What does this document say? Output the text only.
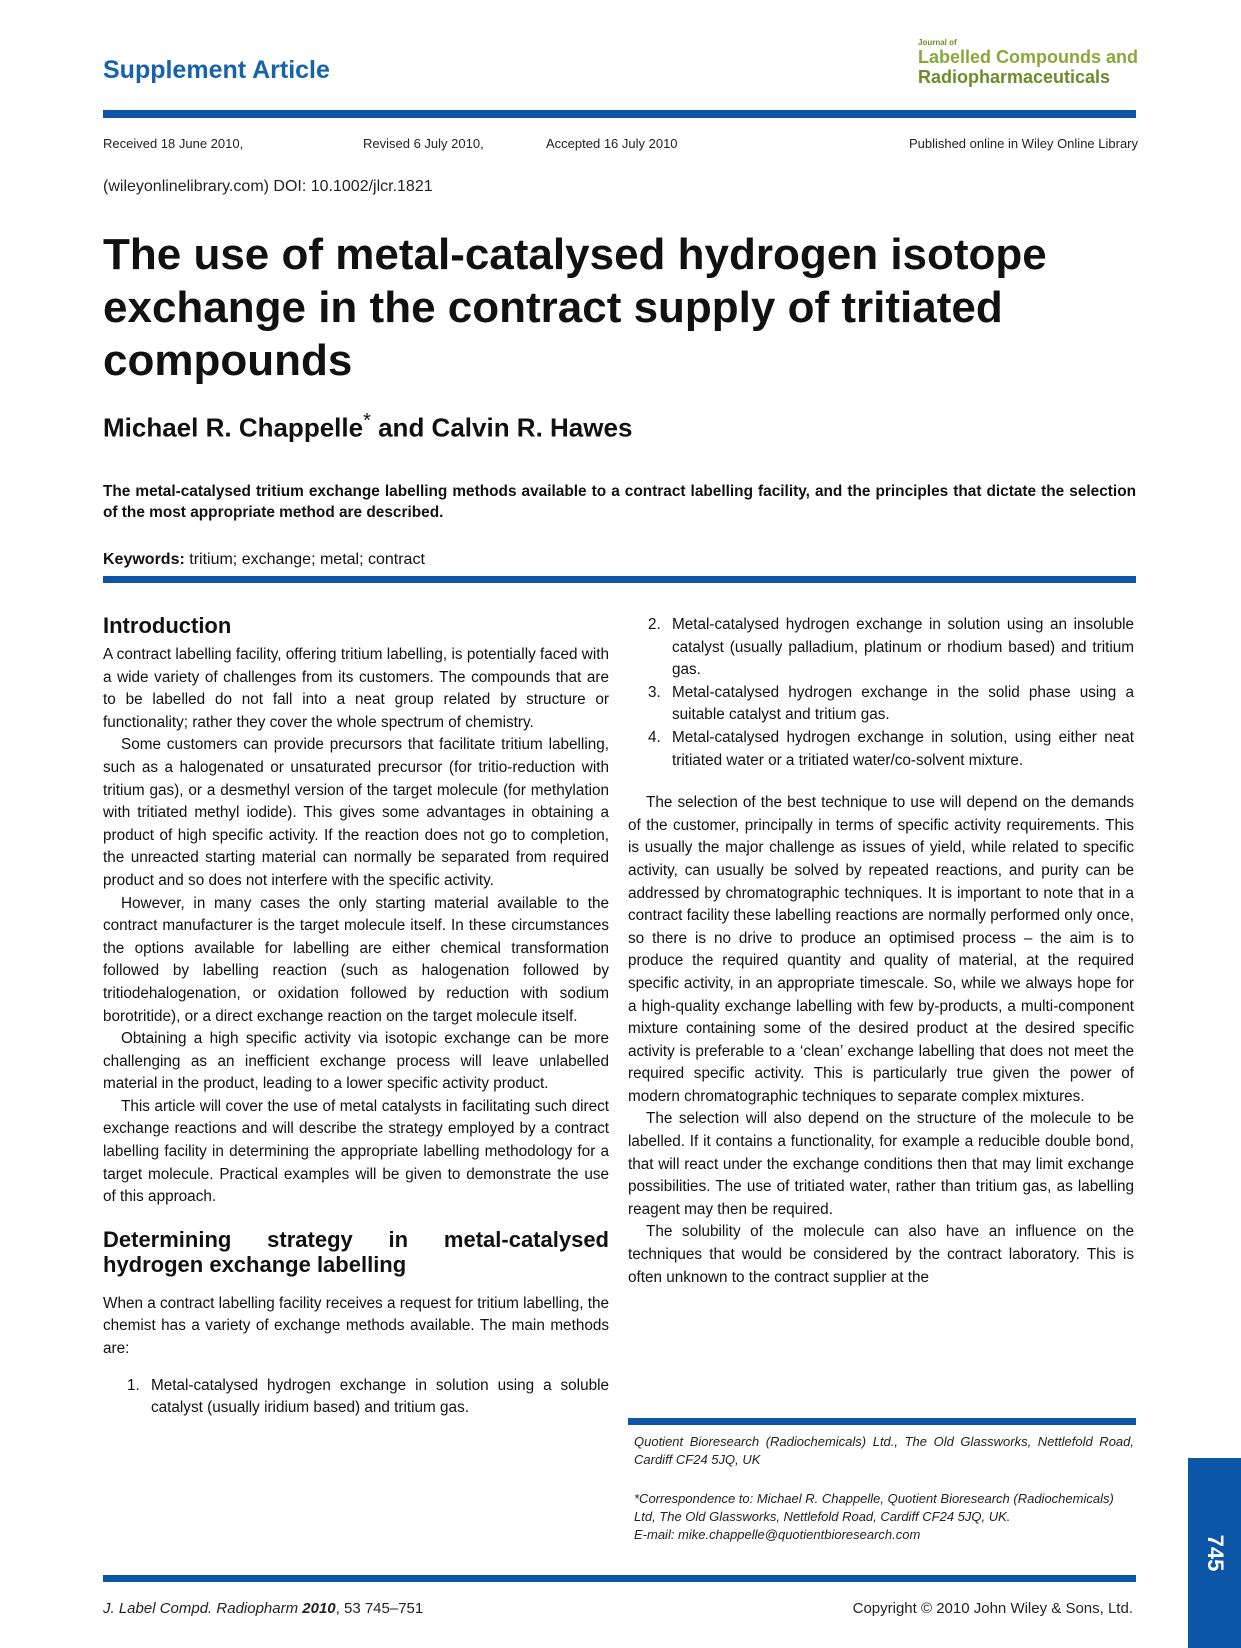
Supplement Article
Journal of
Labelled Compounds and
Radiopharmaceuticals
Received 18 June 2010,	Revised 6 July 2010,	Accepted 16 July 2010	Published online in Wiley Online Library
(wileyonlinelibrary.com) DOI: 10.1002/jlcr.1821
The use of metal-catalysed hydrogen isotope exchange in the contract supply of tritiated compounds
Michael R. Chappelle* and Calvin R. Hawes
The metal-catalysed tritium exchange labelling methods available to a contract labelling facility, and the principles that dictate the selection of the most appropriate method are described.
Keywords: tritium; exchange; metal; contract
Introduction

A contract labelling facility, offering tritium labelling, is potentially faced with a wide variety of challenges from its customers. The compounds that are to be labelled do not fall into a neat group related by structure or functionality; rather they cover the whole spectrum of chemistry.

Some customers can provide precursors that facilitate tritium labelling, such as a halogenated or unsaturated precursor (for tritio-reduction with tritium gas), or a desmethyl version of the target molecule (for methylation with tritiated methyl iodide). This gives some advantages in obtaining a product of high specific activity. If the reaction does not go to completion, the unreacted starting material can normally be separated from required product and so does not interfere with the specific activity.

However, in many cases the only starting material available to the contract manufacturer is the target molecule itself. In these circumstances the options available for labelling are either chemical transformation followed by labelling reaction (such as halogenation followed by tritiodehalogenation, or oxidation followed by reduction with sodium borotritide), or a direct exchange reaction on the target molecule itself.

Obtaining a high specific activity via isotopic exchange can be more challenging as an inefficient exchange process will leave unlabelled material in the product, leading to a lower specific activity product.

This article will cover the use of metal catalysts in facilitating such direct exchange reactions and will describe the strategy employed by a contract labelling facility in determining the appropriate labelling methodology for a target molecule. Practical examples will be given to demonstrate the use of this approach.

Determining strategy in metal-catalysed hydrogen exchange labelling

When a contract labelling facility receives a request for tritium labelling, the chemist has a variety of exchange methods available. The main methods are:

1. Metal-catalysed hydrogen exchange in solution using a soluble catalyst (usually iridium based) and tritium gas.
2. Metal-catalysed hydrogen exchange in solution using an insoluble catalyst (usually palladium, platinum or rhodium based) and tritium gas.
3. Metal-catalysed hydrogen exchange in the solid phase using a suitable catalyst and tritium gas.
4. Metal-catalysed hydrogen exchange in solution, using either neat tritiated water or a tritiated water/co-solvent mixture.

The selection of the best technique to use will depend on the demands of the customer, principally in terms of specific activity requirements. This is usually the major challenge as issues of yield, while related to specific activity, can usually be solved by repeated reactions, and purity can be addressed by chromatographic techniques. It is important to note that in a contract facility these labelling reactions are normally performed only once, so there is no drive to produce an optimised process – the aim is to produce the required quantity and quality of material, at the required specific activity, in an appropriate timescale. So, while we always hope for a high-quality exchange labelling with few by-products, a multi-component mixture containing some of the desired product at the desired specific activity is preferable to a ‘clean’ exchange labelling that does not meet the required specific activity. This is particularly true given the power of modern chromatographic techniques to separate complex mixtures.

The selection will also depend on the structure of the molecule to be labelled. If it contains a functionality, for example a reducible double bond, that will react under the exchange conditions then that may limit exchange possibilities. The use of tritiated water, rather than tritium gas, as labelling reagent may then be required.

The solubility of the molecule can also have an influence on the techniques that would be considered by the contract laboratory. This is often unknown to the contract supplier at the

Quotient Bioresearch (Radiochemicals) Ltd., The Old Glassworks, Nettlefold Road, Cardiff CF24 5JQ, UK
*Correspondence to: Michael R. Chappelle, Quotient Bioresearch (Radiochemicals) Ltd, The Old Glassworks, Nettlefold Road, Cardiff CF24 5JQ, UK.
E-mail: mike.chappelle@quotientbioresearch.com
745
J. Label Compd. Radiopharm 2010, 53 745–751	Copyright © 2010 John Wiley & Sons, Ltd.
